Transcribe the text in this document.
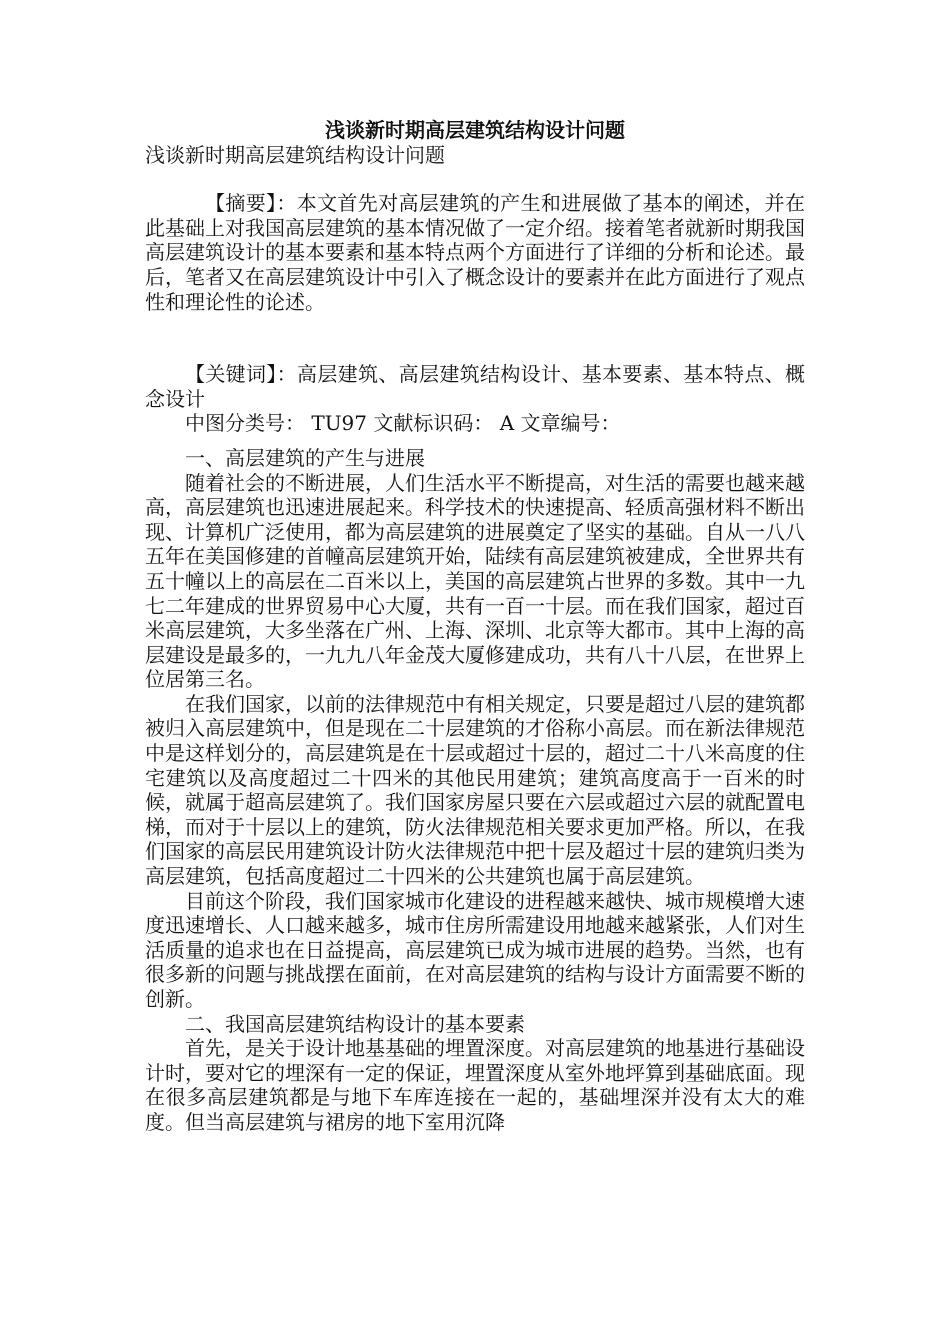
浅谈新时期高层建筑结构设计问题

浅谈新时期高层建筑结构设计问题

【摘要】：本文首先对高层建筑的产生和进展做了基本的阐述，并在此基础上对我国高层建筑的基本情况做了一定介绍。接着笔者就新时期我国高层建筑设计的基本要素和基本特点两个方面进行了详细的分析和论述。最后，笔者又在高层建筑设计中引入了概念设计的要素并在此方面进行了观点性和理论性的论述。

【关键词】：高层建筑、高层建筑结构设计、基本要素、基本特点、概念设计

中图分类号： TU97 文献标识码： A 文章编号：

一、高层建筑的产生与进展

随着社会的不断进展，人们生活水平不断提高，对生活的需要也越来越高，高层建筑也迅速进展起来。科学技术的快速提高、轻质高强材料不断出现、计算机广泛使用，都为高层建筑的进展奠定了坚实的基础。自从一八八五年在美国修建的首幢高层建筑开始，陆续有高层建筑被建成，全世界共有五十幢以上的高层在二百米以上，美国的高层建筑占世界的多数。其中一九七二年建成的世界贸易中心大厦，共有一百一十层。而在我们国家，超过百米高层建筑，大多坐落在广州、上海、深圳、北京等大都市。其中上海的高层建设是最多的，一九九八年金茂大厦修建成功，共有八十八层，在世界上位居第三名。

在我们国家，以前的法律规范中有相关规定，只要是超过八层的建筑都被归入高层建筑中，但是现在二十层建筑的才俗称小高层。而在新法律规范中是这样划分的，高层建筑是在十层或超过十层的，超过二十八米高度的住宅建筑以及高度超过二十四米的其他民用建筑；建筑高度高于一百米的时候，就属于超高层建筑了。我们国家房屋只要在六层或超过六层的就配置电梯，而对于十层以上的建筑，防火法律规范相关要求更加严格。所以，在我们国家的高层民用建筑设计防火法律规范中把十层及超过十层的建筑归类为高层建筑，包括高度超过二十四米的公共建筑也属于高层建筑。

目前这个阶段，我们国家城市化建设的进程越来越快、城市规模增大速度迅速增长、人口越来越多，城市住房所需建设用地越来越紧张，人们对生活质量的追求也在日益提高，高层建筑已成为城市进展的趋势。当然，也有很多新的问题与挑战摆在面前，在对高层建筑的结构与设计方面需要不断的创新。

二、我国高层建筑结构设计的基本要素

首先，是关于设计地基基础的埋置深度。对高层建筑的地基进行基础设计时，要对它的埋深有一定的保证，埋置深度从室外地坪算到基础底面。现在很多高层建筑都是与地下车库连接在一起的，基础埋深并没有太大的难度。但当高层建筑与裙房的地下室用沉降
